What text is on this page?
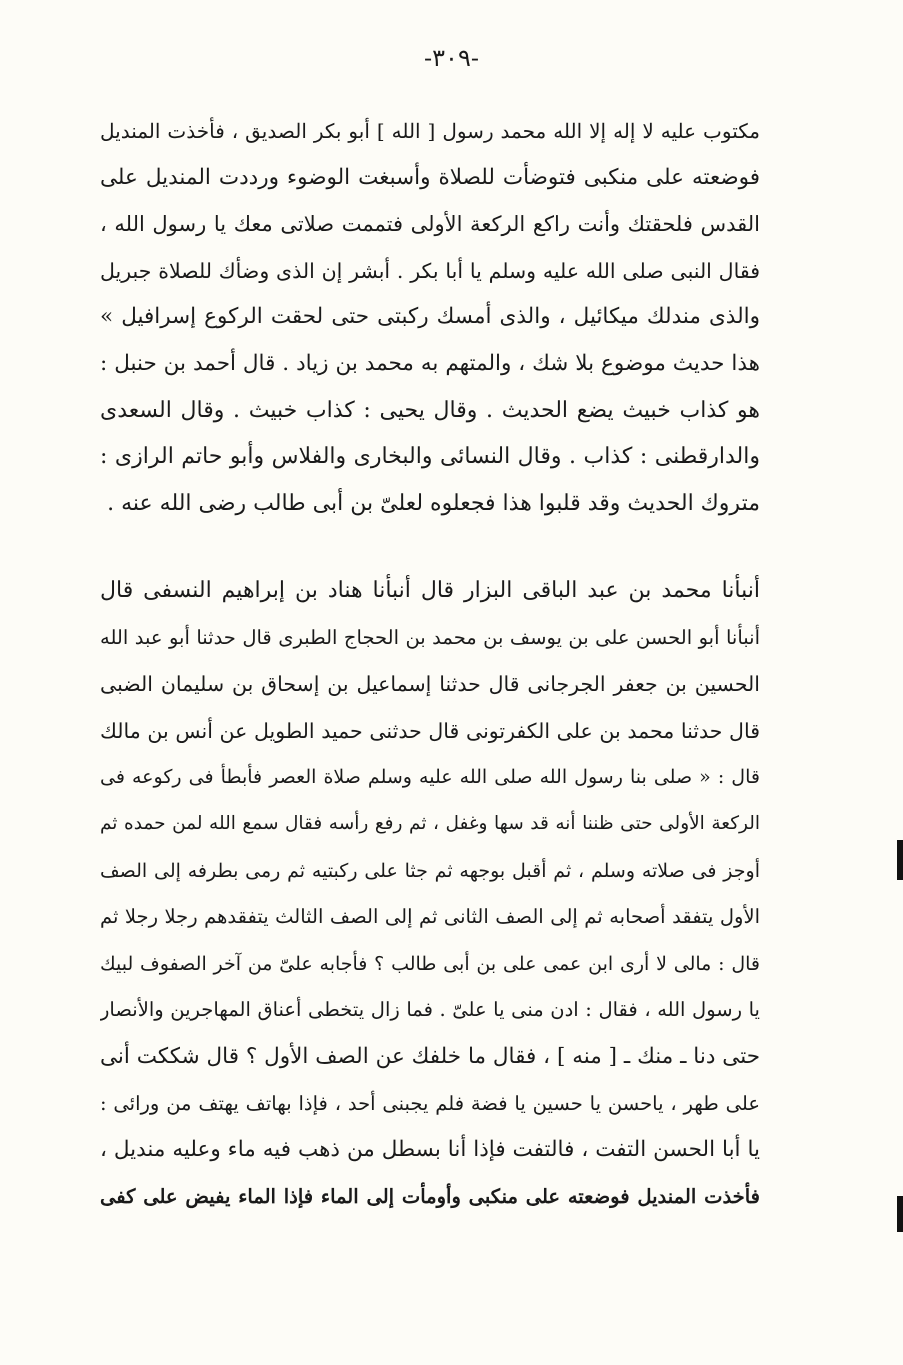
-٣٠٩-
مكتوب عليه لا إله إلا الله محمد رسول [ الله ] أبو بكر الصديق ، فأخذت المنديل
فوضعته على منكبى فتوضأت للصلاة وأسبغت الوضوء ورددت المنديل على
القدس فلحقتك وأنت راكع الركعة الأولى فتممت صلاتى معك يا رسول الله ،
فقال النبى صلى الله عليه وسلم يا أبا بكر . أبشر إن الذى وضأك للصلاة جبريل
والذى مندلك ميكائيل ، والذى أمسك ركبتى حتى لحقت الركوع إسرافيل »
هذا حديث موضوع بلا شك ، والمتهم به محمد بن زياد . قال أحمد بن حنبل :
هو كذاب خبيث يضع الحديث . وقال يحيى : كذاب خبيث . وقال السعدى
والدارقطنى : كذاب . وقال النسائى والبخارى والفلاس وأبو حاتم الرازى :
متروك الحديث وقد قلبوا هذا فجعلوه لعلىّ بن أبى طالب رضى الله عنه .
أنبأنا محمد بن عبد الباقى البزار قال أنبأنا هناد بن إبراهيم النسفى قال
أنبأنا أبو الحسن على بن يوسف بن محمد بن الحجاج الطبرى قال حدثنا أبو عبد الله
الحسين بن جعفر الجرجانى قال حدثنا إسماعيل بن إسحاق بن سليمان الضبى
قال حدثنا محمد بن على الكفرتونى قال حدثنى حميد الطويل عن أنس بن مالك
قال : « صلى بنا رسول الله صلى الله عليه وسلم صلاة العصر فأبطأ فى ركوعه فى
الركعة الأولى حتى ظننا أنه قد سها وغفل ، ثم رفع رأسه فقال سمع الله لمن حمده ثم
أوجز فى صلاته وسلم ، ثم أقبل بوجهه ثم جثا على ركبتيه ثم رمى بطرفه إلى الصف
الأول يتفقد أصحابه ثم إلى الصف الثانى ثم إلى الصف الثالث يتفقدهم رجلا رجلا ثم
قال : مالى لا أرى ابن عمى على بن أبى طالب ؟ فأجابه علىّ من آخر الصفوف لبيك
يا رسول الله ، فقال : ادن منى يا علىّ . فما زال يتخطى أعناق المهاجرين والأنصار
حتى دنا ـ منك ـ [ منه ] ، فقال ما خلفك عن الصف الأول ؟ قال شككت أنى
على طهر ، ياحسن يا حسين يا فضة فلم يجبنى أحد ، فإذا بهاتف يهتف من ورائى :
يا أبا الحسن التفت ، فالتفت فإذا أنا بسطل من ذهب فيه ماء وعليه منديل ،
فأخذت المنديل فوضعته على منكبى وأومأت إلى الماء فإذا الماء يفيض على كفى
